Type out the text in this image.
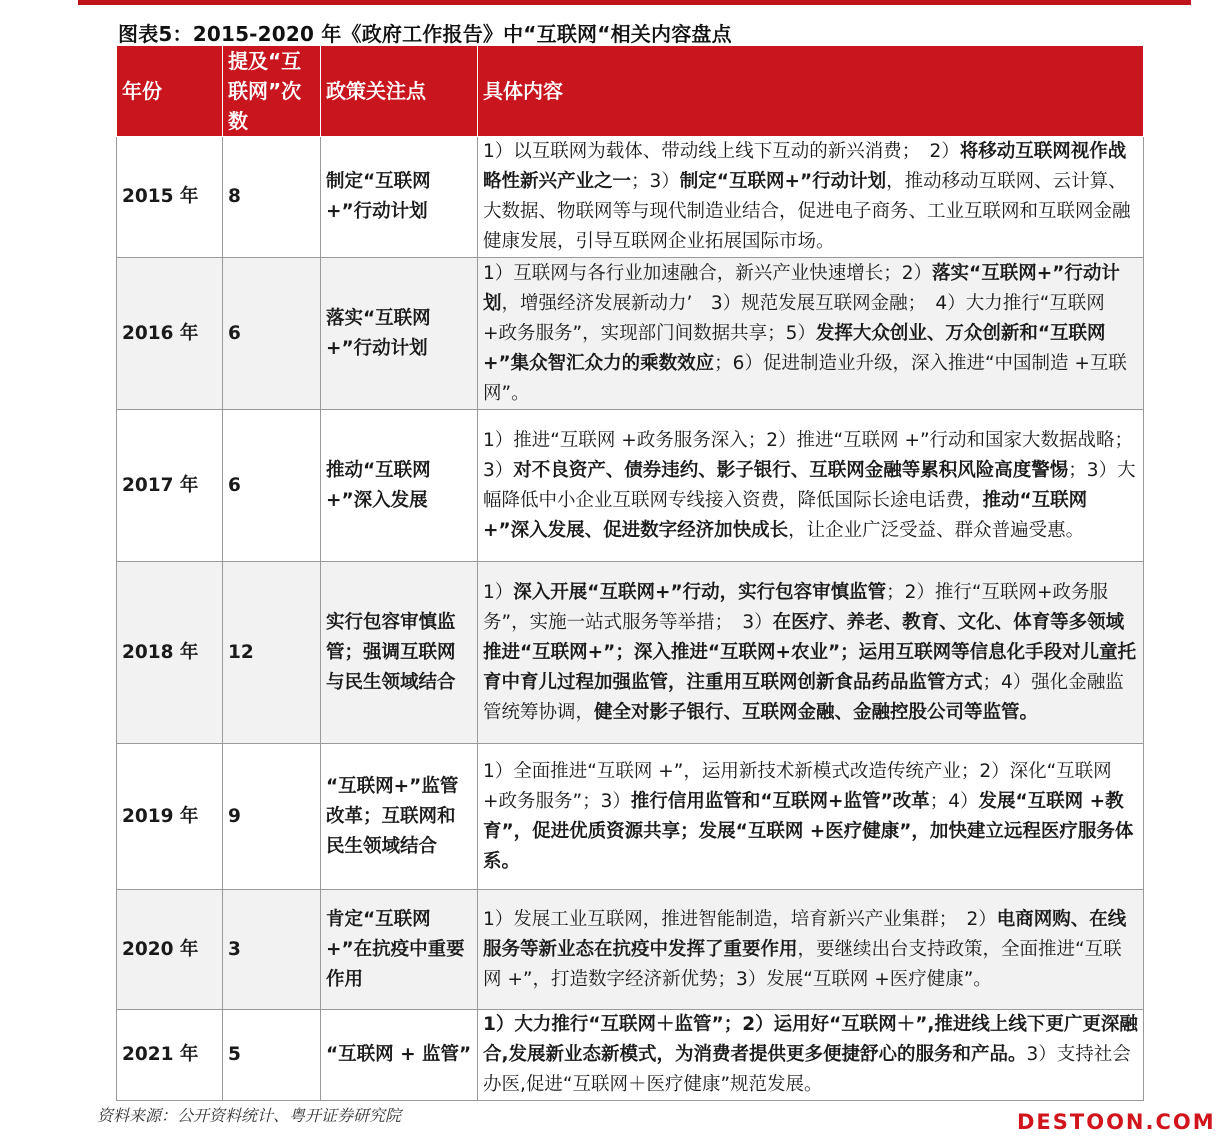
图表5：2015-2020 年《政府工作报告》中“互联网“相关内容盘点
年份	提及“互联网”次数	政策关注点	具体内容
2015 年	8	制定“互联网+”行动计划	1）以互联网为载体、带动线上线下互动的新兴消费；　2）将移动互联网视作战略性新兴产业之一；3）制定“互联网+”行动计划，推动移动互联网、云计算、大数据、物联网等与现代制造业结合，促进电子商务、工业互联网和互联网金融健康发展，引导互联网企业拓展国际市场。
2016 年	6	落实“互联网+”行动计划	1）互联网与各行业加速融合，新兴产业快速增长；2）落实“互联网+”行动计划，增强经济发展新动力’　3）规范发展互联网金融；　4）大力推行“互联网+政务服务”，实现部门间数据共享；5）发挥大众创业、万众创新和“互联网+”集众智汇众力的乘数效应；6）促进制造业升级，深入推进“中国制造 +互联网”。
2017 年	6	推动“互联网 +”深入发展	1）推进“互联网 +政务服务深入；2）推进“互联网 +”行动和国家大数据战略；3）对不良资产、债券违约、影子银行、互联网金融等累积风险高度警惕；3）大幅降低中小企业互联网专线接入资费，降低国际长途电话费，推动“互联网 +”深入发展、促进数字经济加快成长，让企业广泛受益、群众普遍受惠。
2018 年	12	实行包容审慎监管；强调互联网与民生领域结合	1）深入开展“互联网+”行动，实行包容审慎监管；2）推行“互联网+政务服务”，实施一站式服务等举措；　3）在医疗、养老、教育、文化、体育等多领域推进“互联网+”；深入推进“互联网+农业”；运用互联网等信息化手段对儿童托育中育儿过程加强监管，注重用互联网创新食品药品监管方式；4）强化金融监管统筹协调，健全对影子银行、互联网金融、金融控股公司等监管。
2019 年	9	“互联网+”监管改革；互联网和民生领域结合	1）全面推进“互联网 +”，运用新技术新模式改造传统产业；2）深化“互联网+政务服务”；3）推行信用监管和“互联网+监管”改革；4）发展“互联网 +教育”，促进优质资源共享；发展“互联网 +医疗健康”，加快建立远程医疗服务体系。
2020 年	3	肯定“互联网+”在抗疫中重要作用	1）发展工业互联网，推进智能制造，培育新兴产业集群；　2）电商网购、在线服务等新业态在抗疫中发挥了重要作用，要继续出台支持政策，全面推进“互联网 +”，打造数字经济新优势；3）发展“互联网 +医疗健康”。
2021 年	5	“互联网 + 监管”	1）大力推行“互联网＋监管”；2）运用好“互联网＋”,推进线上线下更广更深融合,发展新业态新模式，为消费者提供更多便捷舒心的服务和产品。3）支持社会办医,促进“互联网＋医疗健康”规范发展。
资料来源：公开资料统计、粤开证券研究院	DESTOON.COM
